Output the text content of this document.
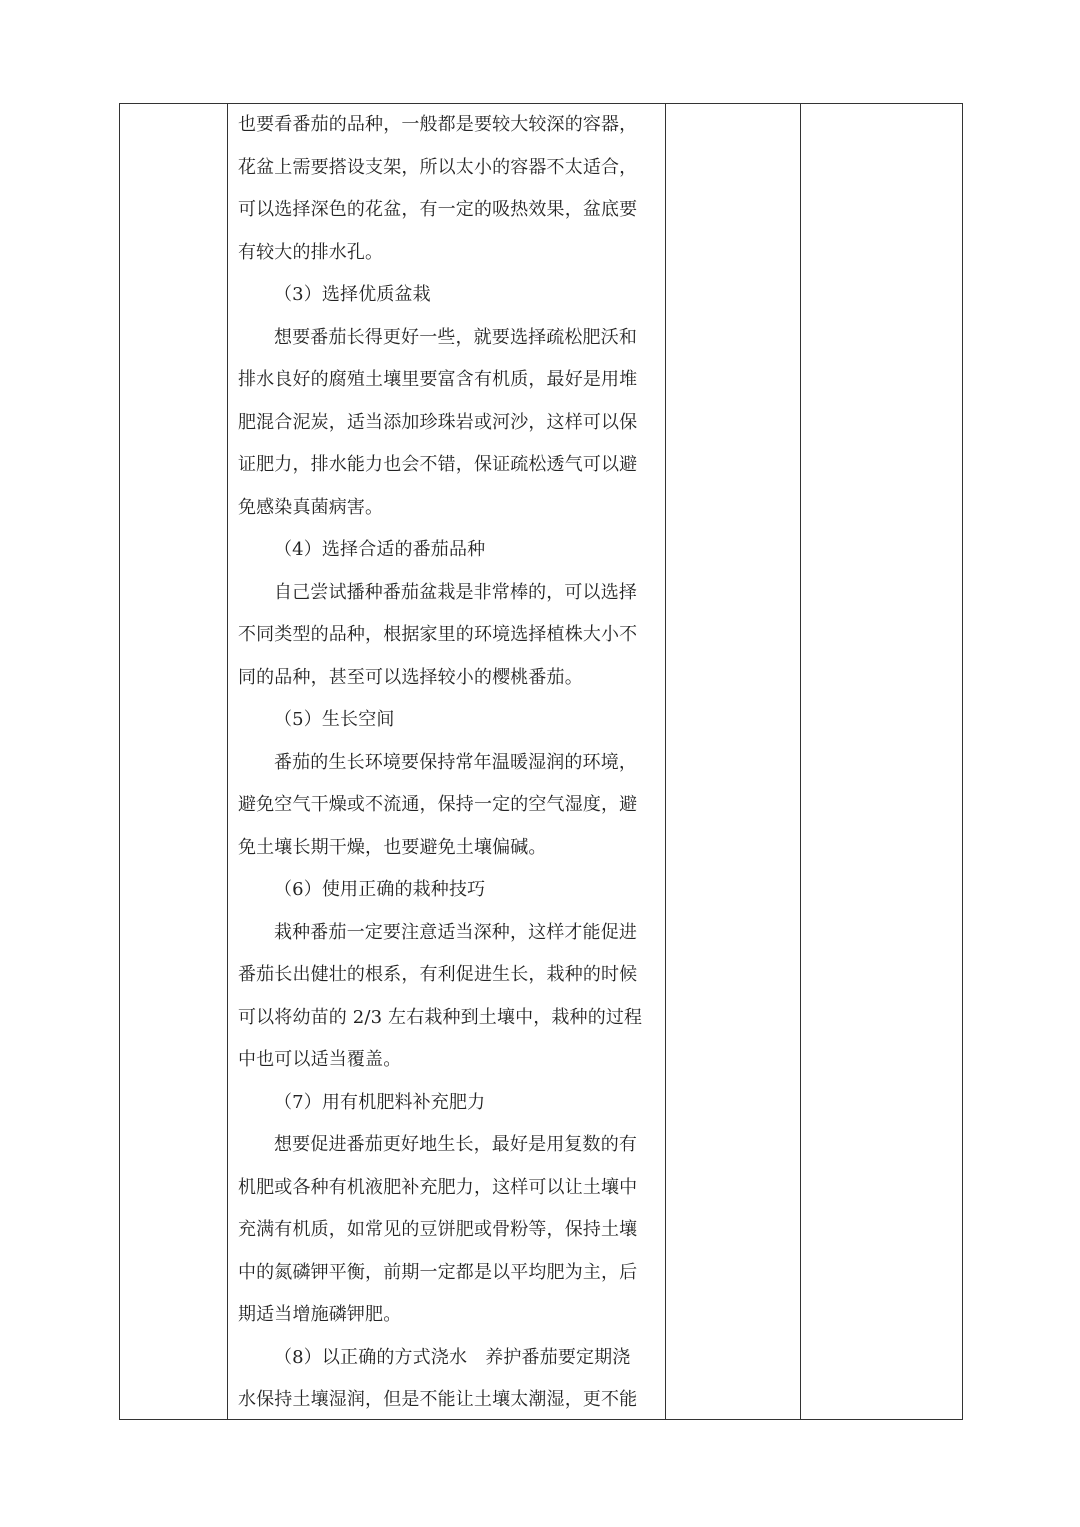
也要看番茄的品种，一般都是要较大较深的容器，
花盆上需要搭设支架，所以太小的容器不太适合，
可以选择深色的花盆，有一定的吸热效果，盆底要
有较大的排水孔。
（3）选择优质盆栽
想要番茄长得更好一些，就要选择疏松肥沃和
排水良好的腐殖土壤里要富含有机质，最好是用堆
肥混合泥炭，适当添加珍珠岩或河沙，这样可以保
证肥力，排水能力也会不错，保证疏松透气可以避
免感染真菌病害。
（4）选择合适的番茄品种
自己尝试播种番茄盆栽是非常棒的，可以选择
不同类型的品种，根据家里的环境选择植株大小不
同的品种，甚至可以选择较小的樱桃番茄。
（5）生长空间
番茄的生长环境要保持常年温暖湿润的环境，
避免空气干燥或不流通，保持一定的空气湿度，避
免土壤长期干燥，也要避免土壤偏碱。
（6）使用正确的栽种技巧
栽种番茄一定要注意适当深种，这样才能促进
番茄长出健壮的根系，有利促进生长，栽种的时候
可以将幼苗的 2/3 左右栽种到土壤中，栽种的过程
中也可以适当覆盖。
（7）用有机肥料补充肥力
想要促进番茄更好地生长，最好是用复数的有
机肥或各种有机液肥补充肥力，这样可以让土壤中
充满有机质，如常见的豆饼肥或骨粉等，保持土壤
中的氮磷钾平衡，前期一定都是以平均肥为主，后
期适当增施磷钾肥。
（8）以正确的方式浇水　养护番茄要定期浇
水保持土壤湿润，但是不能让土壤太潮湿，更不能
